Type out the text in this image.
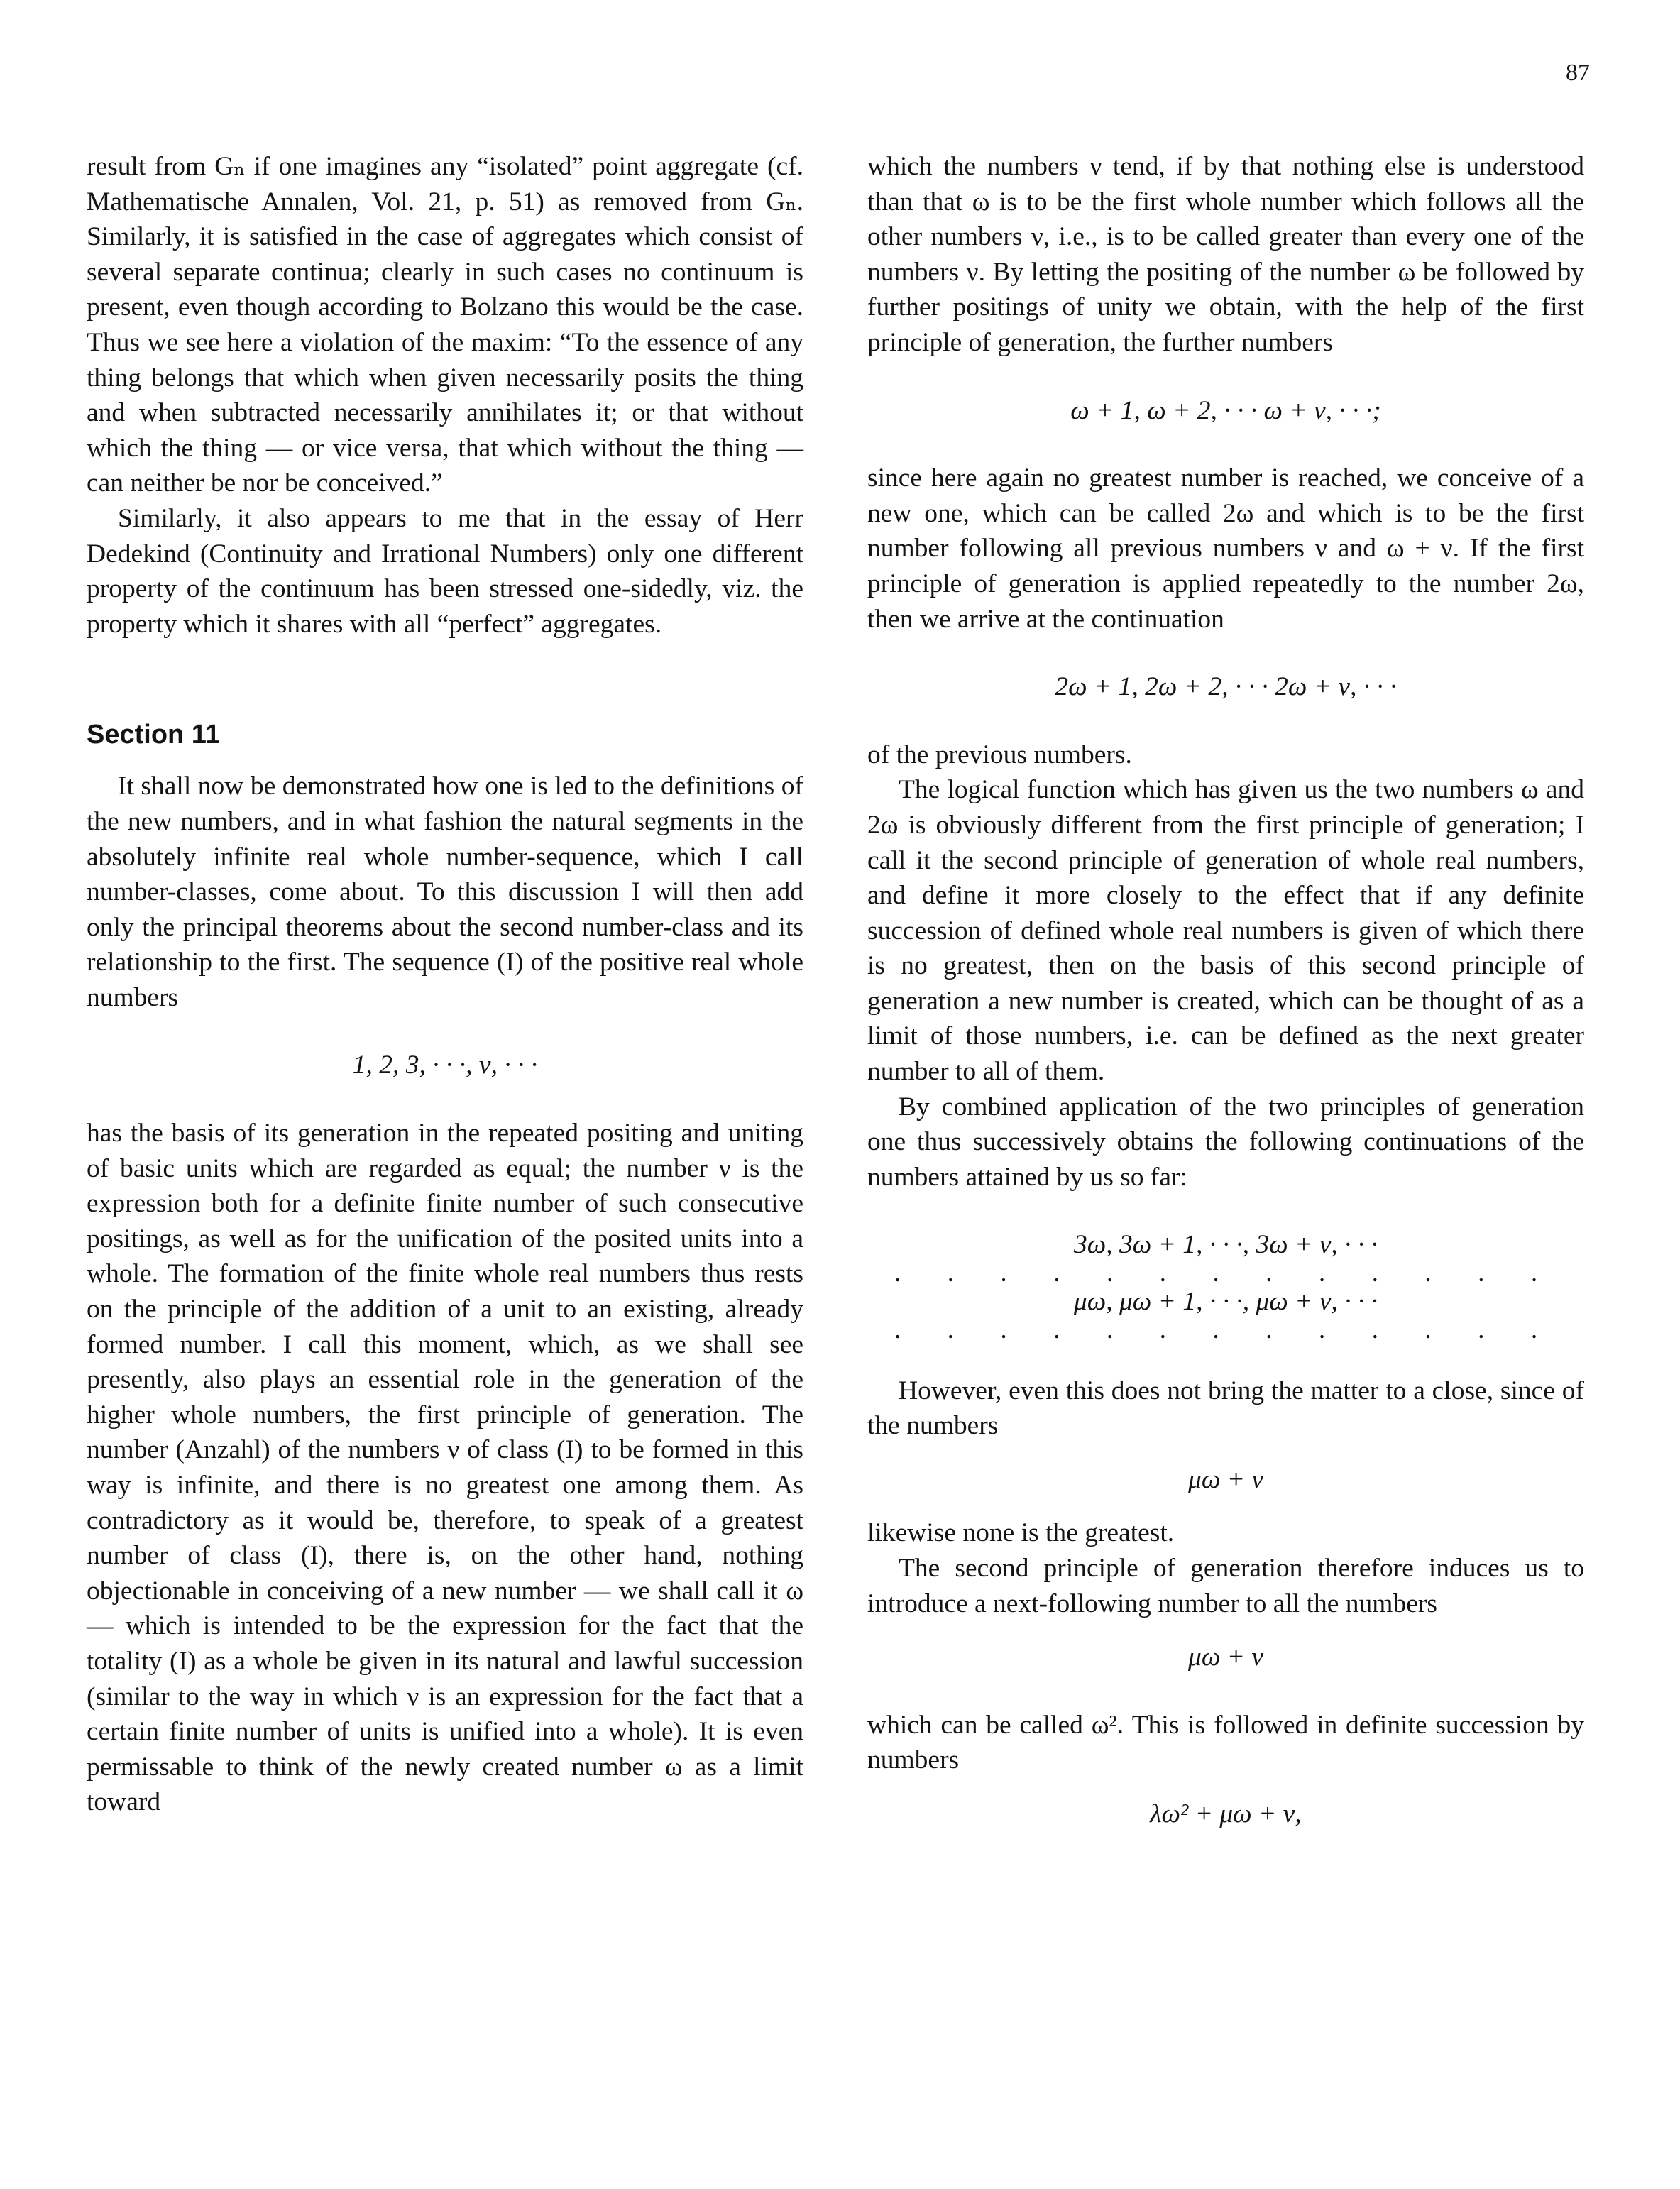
87

result from Gₙ if one imagines any “isolated” point aggregate (cf. Mathematische Annalen, Vol. 21, p. 51) as removed from Gₙ. Similarly, it is satisfied in the case of aggregates which consist of several separate continua; clearly in such cases no continuum is present, even though according to Bolzano this would be the case. Thus we see here a violation of the maxim: “To the essence of any thing belongs that which when given necessarily posits the thing and when subtracted necessarily annihilates it; or that without which the thing — or vice versa, that which without the thing — can neither be nor be conceived.”

Similarly, it also appears to me that in the essay of Herr Dedekind (Continuity and Irrational Numbers) only one different property of the continuum has been stressed one-sidedly, viz. the property which it shares with all “perfect” aggregates.

Section 11

It shall now be demonstrated how one is led to the definitions of the new numbers, and in what fashion the natural segments in the absolutely infinite real whole number-sequence, which I call number-classes, come about. To this discussion I will then add only the principal theorems about the second number-class and its relationship to the first. The sequence (I) of the positive real whole numbers

1, 2, 3, · · ·, ν, · · ·

has the basis of its generation in the repeated positing and uniting of basic units which are regarded as equal; the number ν is the expression both for a definite finite number of such consecutive positings, as well as for the unification of the posited units into a whole. The formation of the finite whole real numbers thus rests on the principle of the addition of a unit to an existing, already formed number. I call this moment, which, as we shall see presently, also plays an essential role in the generation of the higher whole numbers, the first principle of generation. The number (Anzahl) of the numbers ν of class (I) to be formed in this way is infinite, and there is no greatest one among them. As contradictory as it would be, therefore, to speak of a greatest number of class (I), there is, on the other hand, nothing objectionable in conceiving of a new number — we shall call it ω — which is intended to be the expression for the fact that the totality (I) as a whole be given in its natural and lawful succession (similar to the way in which ν is an expression for the fact that a certain finite number of units is unified into a whole). It is even permissable to think of the newly created number ω as a limit toward

which the numbers ν tend, if by that nothing else is understood than that ω is to be the first whole number which follows all the other numbers ν, i.e., is to be called greater than every one of the numbers ν. By letting the positing of the number ω be followed by further positings of unity we obtain, with the help of the first principle of generation, the further numbers

ω + 1, ω + 2, · · · ω + ν, · · ·;

since here again no greatest number is reached, we conceive of a new one, which can be called 2ω and which is to be the first number following all previous numbers ν and ω + ν. If the first principle of generation is applied repeatedly to the number 2ω, then we arrive at the continuation

2ω + 1, 2ω + 2, · · · 2ω + ν, · · ·

of the previous numbers.

The logical function which has given us the two numbers ω and 2ω is obviously different from the first principle of generation; I call it the second principle of generation of whole real numbers, and define it more closely to the effect that if any definite succession of defined whole real numbers is given of which there is no greatest, then on the basis of this second principle of generation a new number is created, which can be thought of as a limit of those numbers, i.e. can be defined as the next greater number to all of them.

By combined application of the two principles of generation one thus successively obtains the following continuations of the numbers attained by us so far:

3ω, 3ω + 1, · · ·, 3ω + ν, · · ·

. . . . . . . . . . . . .

μω, μω + 1, · · ·, μω + ν, · · ·

. . . . . . . . . . . . .

However, even this does not bring the matter to a close, since of the numbers

μω + ν

likewise none is the greatest.

The second principle of generation therefore induces us to introduce a next-following number to all the numbers

μω + ν

which can be called ω². This is followed in definite succession by numbers

λω² + μω + ν,
